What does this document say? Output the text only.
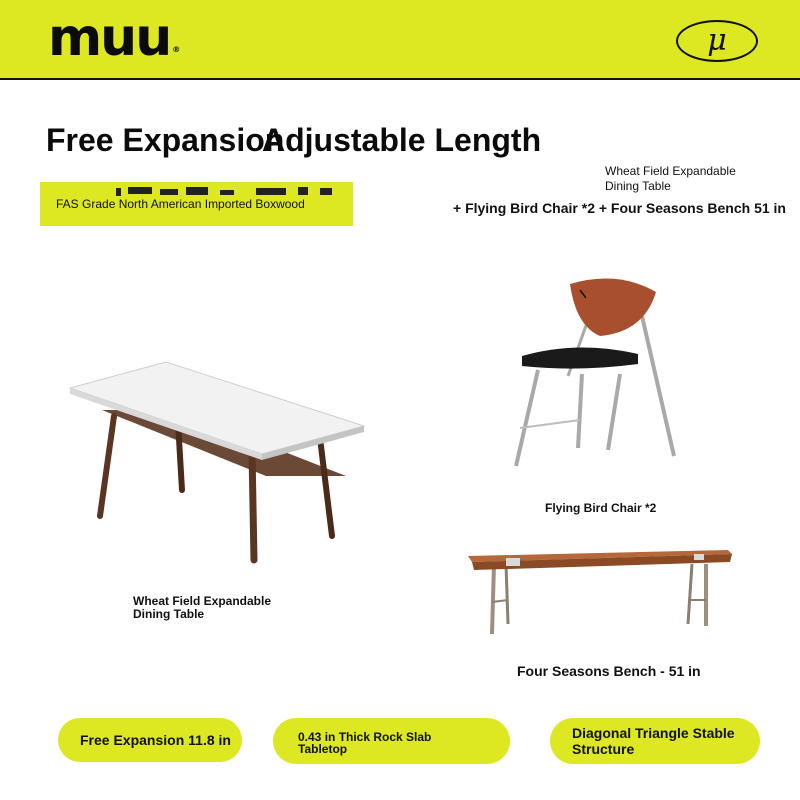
muu ®	μ
Free Expansion
Adjustable Length
FAS Grade North American Imported Boxwood
Wheat Field Expandable Dining Table
+ Flying Bird Chair *2 + Four Seasons Bench 51 in
Wheat Field Expandable
Dining Table
Flying Bird Chair *2
Four Seasons Bench - 51 in
Free Expansion 11.8 in	0.43 in Thick Rock Slab Tabletop
Diagonal Triangle Stable Structure
